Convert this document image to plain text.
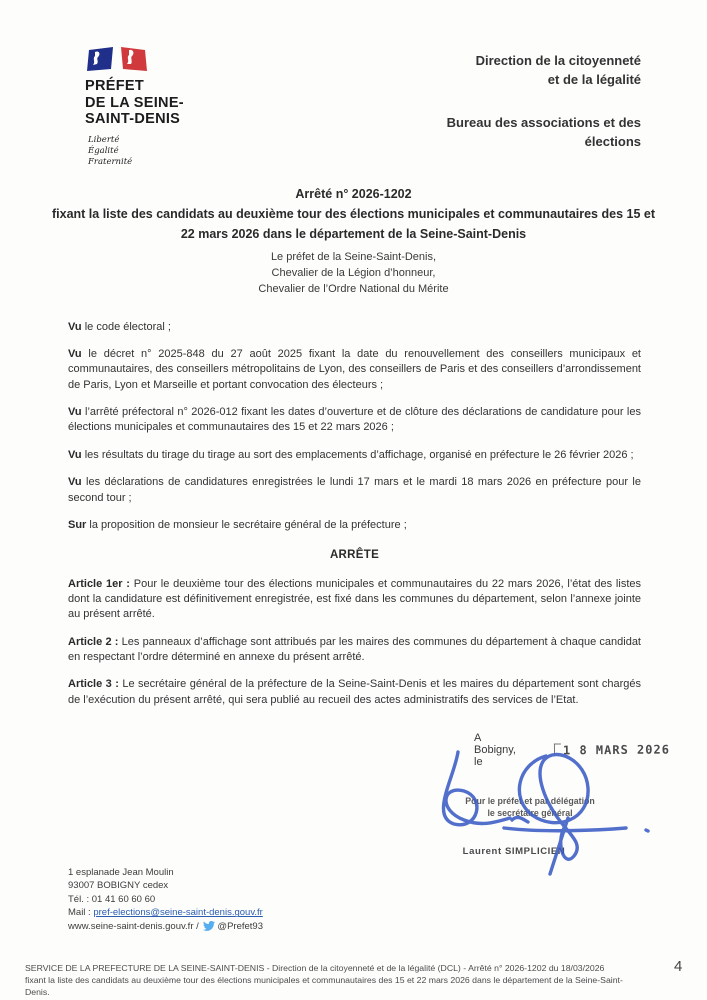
PRÉFET
DE LA SEINE-
SAINT-DENIS
Liberté
Égalité
Fraternité
Direction de la citoyenneté
et de la légalité
Bureau des associations et des
élections
Arrêté n° 2026-1202
fixant la liste des candidats au deuxième tour des élections municipales et communautaires des 15 et 22 mars 2026 dans le département de la Seine-Saint-Denis
Le préfet de la Seine-Saint-Denis,
Chevalier de la Légion d’honneur,
Chevalier de l’Ordre National du Mérite

Vu le code électoral ;

Vu le décret n° 2025-848 du 27 août 2025 fixant la date du renouvellement des conseillers municipaux et communautaires, des conseillers métropolitains de Lyon, des conseillers de Paris et des conseillers d’arrondissement de Paris, Lyon et Marseille et portant convocation des électeurs ;

Vu l’arrêté préfectoral n° 2026-012 fixant les dates d’ouverture et de clôture des déclarations de candidature pour les élections municipales et communautaires des 15 et 22 mars 2026 ;

Vu les résultats du tirage du tirage au sort des emplacements d’affichage, organisé en préfecture le 26 février 2026 ;

Vu les déclarations de candidatures enregistrées le lundi 17 mars et le mardi 18 mars 2026 en préfecture pour le second tour ;

Sur la proposition de monsieur le secrétaire général de la préfecture ;

ARRÊTE

Article 1er : Pour le deuxième tour des élections municipales et communautaires du 22 mars 2026, l’état des listes dont la candidature est définitivement enregistrée, est fixé dans les communes du département, selon l’annexe jointe au présent arrêté.

Article 2 : Les panneaux d’affichage sont attribués par les maires des communes du département à chaque candidat en respectant l’ordre déterminé en annexe du présent arrêté.

Article 3 : Le secrétaire général de la préfecture de la Seine-Saint-Denis et les maires du département sont chargés de l’exécution du présent arrêté, qui sera publié au recueil des actes administratifs des services de l’Etat.

A Bobigny, le
1 8 MARS 2026
Pour le préfet et par délégation
le secrétaire général
Laurent SIMPLICIEN
1 esplanade Jean Moulin
93007 BOBIGNY cedex
Tél. : 01 41 60 60 60
Mail : pref-elections@seine-saint-denis.gouv.fr
www.seine-saint-denis.gouv.fr / @Prefet93
SERVICE DE LA PREFECTURE DE LA SEINE-SAINT-DENIS - Direction de la citoyenneté et de la légalité (DCL) - Arrêté n° 2026-1202 du 18/03/2026 fixant la liste des candidats au deuxième tour des élections municipales et communautaires des 15 et 22 mars 2026 dans le département de la Seine-Saint-Denis.
4
